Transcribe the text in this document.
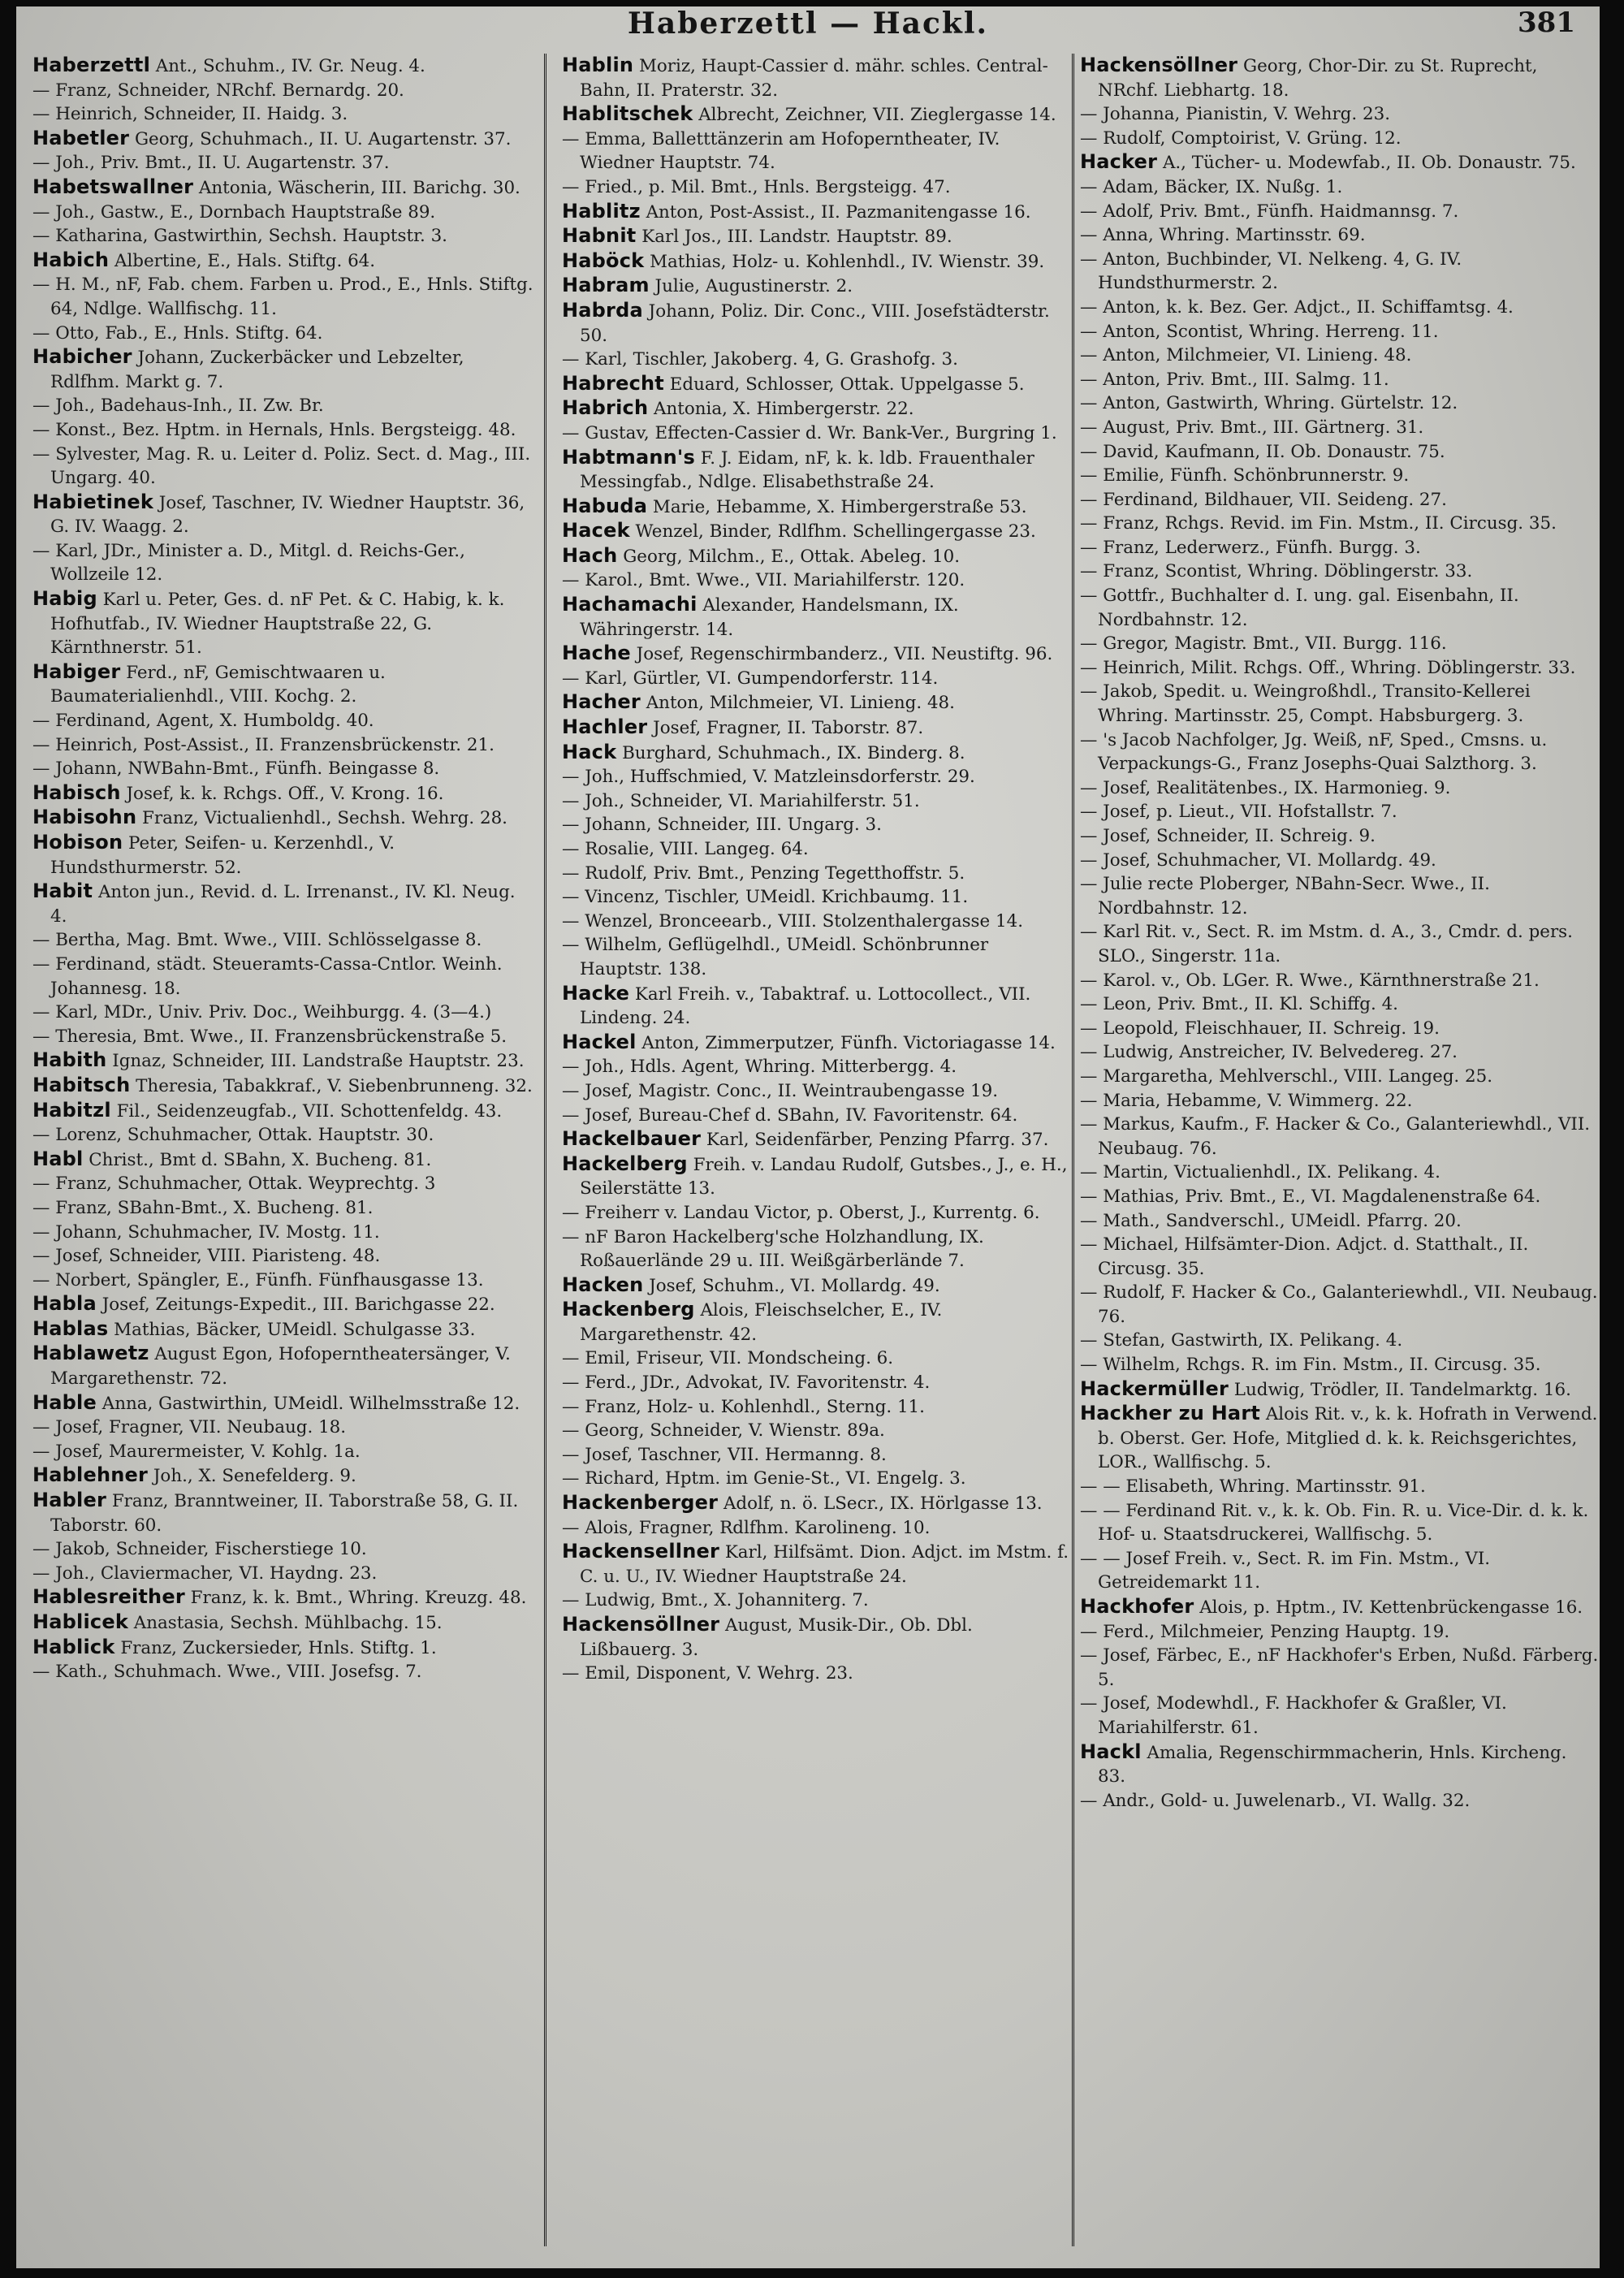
Haberzettl — Hackl.	381
Haberzettl Ant., Schuhm., IV. Gr. Neug. 4.
— Franz, Schneider, NRchf. Bernardg. 20.
— Heinrich, Schneider, II. Haidg. 3.
Habetler Georg, Schuhmach., II. U. Augartenstr. 37.
— Joh., Priv. Bmt., II. U. Augartenstr. 37.
Habetswallner Antonia, Wäscherin, III. Barichg. 30.
— Joh., Gastw., E., Dornbach Hauptstraße 89.
— Katharina, Gastwirthin, Sechsh. Hauptstr. 3.
Habich Albertine, E., Hals. Stiftg. 64.
— H. M., nF, Fab. chem. Farben u. Prod., E., Hnls. Stiftg. 64, Ndlge. Wallfischg. 11.
— Otto, Fab., E., Hnls. Stiftg. 64.
Habicher Johann, Zuckerbäcker und Lebzelter, Rdlfhm. Markt g. 7.
— Joh., Badehaus-Inh., II. Zw. Br.
— Konst., Bez. Hptm. in Hernals, Hnls. Bergsteigg. 48.
— Sylvester, Mag. R. u. Leiter d. Poliz. Sect. d. Mag., III. Ungarg. 40.
Habietinek Josef, Taschner, IV. Wiedner Hauptstr. 36, G. IV. Waagg. 2.
— Karl, JDr., Minister a. D., Mitgl. d. Reichs-Ger., Wollzeile 12.
Habig Karl u. Peter, Ges. d. nF Pet. & C. Habig, k. k. Hofhutfab., IV. Wiedner Hauptstraße 22, G. Kärnthnerstr. 51.
Habiger Ferd., nF, Gemischtwaaren u. Baumaterialienhdl., VIII. Kochg. 2.
— Ferdinand, Agent, X. Humboldg. 40.
— Heinrich, Post-Assist., II. Franzensbrückenstr. 21.
— Johann, NWBahn-Bmt., Fünfh. Beingasse 8.
Habisch Josef, k. k. Rchgs. Off., V. Krong. 16.
Habisohn Franz, Victualienhdl., Sechsh. Wehrg. 28.
Hobison Peter, Seifen- u. Kerzenhdl., V. Hundsthurmerstr. 52.
Habit Anton jun., Revid. d. L. Irrenanst., IV. Kl. Neug. 4.
— Bertha, Mag. Bmt. Wwe., VIII. Schlösselgasse 8.
— Ferdinand, städt. Steueramts-Cassa-Cntlor. Weinh. Johannesg. 18.
— Karl, MDr., Univ. Priv. Doc., Weihburgg. 4. (3—4.)
— Theresia, Bmt. Wwe., II. Franzensbrückenstraße 5.
Habith Ignaz, Schneider, III. Landstraße Hauptstr. 23.
Habitsch Theresia, Tabakkraf., V. Siebenbrunneng. 32.
Habitzl Fil., Seidenzeugfab., VII. Schottenfeldg. 43.
— Lorenz, Schuhmacher, Ottak. Hauptstr. 30.
Habl Christ., Bmt d. SBahn, X. Bucheng. 81.
— Franz, Schuhmacher, Ottak. Weyprechtg. 3
— Franz, SBahn-Bmt., X. Bucheng. 81.
— Johann, Schuhmacher, IV. Mostg. 11.
— Josef, Schneider, VIII. Piaristeng. 48.
— Norbert, Spängler, E., Fünfh. Fünfhausgasse 13.
Habla Josef, Zeitungs-Expedit., III. Barichgasse 22.
Hablas Mathias, Bäcker, UMeidl. Schulgasse 33.
Hablawetz August Egon, Hofopernthеatersänger, V. Margarethenstr. 72.
Hable Anna, Gastwirthin, UMeidl. Wilhelmsstraße 12.
— Josef, Fragner, VII. Neubaug. 18.
— Josef, Maurermeister, V. Kohlg. 1a.
Hablehner Joh., X. Senefelderg. 9.
Habler Franz, Branntweiner, II. Taborstraße 58, G. II. Taborstr. 60.
— Jakob, Schneider, Fischerstiege 10.
— Joh., Claviermacher, VI. Haydng. 23.
Hablesreither Franz, k. k. Bmt., Whring. Kreuzg. 48.
Hablicek Anastasia, Sechsh. Mühlbachg. 15.
Hablick Franz, Zuckersieder, Hnls. Stiftg. 1.
— Kath., Schuhmach. Wwe., VIII. Josefsg. 7.
Hablin Moriz, Haupt-Cassier d. mähr. schles. Central-Bahn, II. Praterstr. 32.
Hablitschek Albrecht, Zeichner, VII. Zieglergasse 14.
— Emma, Balletttänzerin am Hofoperntheater, IV. Wiedner Hauptstr. 74.
— Fried., p. Mil. Bmt., Hnls. Bergsteigg. 47.
Hablitz Anton, Post-Assist., II. Pazmanitengasse 16.
Habnit Karl Jos., III. Landstr. Hauptstr. 89.
Haböck Mathias, Holz- u. Kohlenhdl., IV. Wienstr. 39.
Habram Julie, Augustinerstr. 2.
Habrda Johann, Poliz. Dir. Conc., VIII. Josefstädterstr. 50.
— Karl, Tischler, Jakoberg. 4, G. Grashofg. 3.
Habrecht Eduard, Schlosser, Ottak. Uppelgasse 5.
Habrich Antonia, X. Himbergerstr. 22.
— Gustav, Effecten-Cassier d. Wr. Bank-Ver., Burgring 1.
Habtmann's F. J. Eidam, nF, k. k. ldb. Frauenthaler Messingfab., Ndlge. Elisabethstraße 24.
Habuda Marie, Hebamme, X. Himbergerstraße 53.
Hacek Wenzel, Binder, Rdlfhm. Schellingergasse 23.
Hach Georg, Milchm., E., Ottak. Abeleg. 10.
— Karol., Bmt. Wwe., VII. Mariahilferstr. 120.
Hachamachi Alexander, Handelsmann, IX. Währingerstr. 14.
Hache Josef, Regenschirmbanderz., VII. Neustiftg. 96.
— Karl, Gürtler, VI. Gumpendorferstr. 114.
Hacher Anton, Milchmeier, VI. Linieng. 48.
Hachler Josef, Fragner, II. Taborstr. 87.
Hack Burghard, Schuhmach., IX. Binderg. 8.
— Joh., Huffschmied, V. Matzleinsdorferstr. 29.
— Joh., Schneider, VI. Mariahilferstr. 51.
— Johann, Schneider, III. Ungarg. 3.
— Rosalie, VIII. Langeg. 64.
— Rudolf, Priv. Bmt., Penzing Tegetthoffstr. 5.
— Vincenz, Tischler, UMeidl. Krichbaumg. 11.
— Wenzel, Bronceearb., VIII. Stolzenthalergasse 14.
— Wilhelm, Geflügelhdl., UMeidl. Schönbrunner Hauptstr. 138.
Hacke Karl Freih. v., Tabaktraf. u. Lottocollect., VII. Lindeng. 24.
Hackel Anton, Zimmerputzer, Fünfh. Victoriagasse 14.
— Joh., Hdls. Agent, Whring. Mitterbergg. 4.
— Josef, Magistr. Conc., II. Weintraubengasse 19.
— Josef, Bureau-Chef d. SBahn, IV. Favoritenstr. 64.
Hackelbauer Karl, Seidenfärber, Penzing Pfarrg. 37.
Hackelberg Freih. v. Landau Rudolf, Gutsbes., J., e. H., Seilerstätte 13.
— Freiherr v. Landau Victor, p. Oberst, J., Kurrentg. 6.
— nF Baron Hackelberg'sche Holzhandlung, IX. Roßauerlände 29 u. III. Weißgärberlände 7.
Hacken Josef, Schuhm., VI. Mollardg. 49.
Hackenberg Alois, Fleischselcher, E., IV. Margarethenstr. 42.
— Emil, Friseur, VII. Mondscheing. 6.
— Ferd., JDr., Advokat, IV. Favoritenstr. 4.
— Franz, Holz- u. Kohlenhdl., Sterng. 11.
— Georg, Schneider, V. Wienstr. 89a.
— Josef, Taschner, VII. Hermanng. 8.
— Richard, Hptm. im Genie-St., VI. Engelg. 3.
Hackenberger Adolf, n. ö. LSecr., IX. Hörlgasse 13.
— Alois, Fragner, Rdlfhm. Karolineng. 10.
Hackensellner Karl, Hilfsämt. Dion. Adjct. im Mstm. f. C. u. U., IV. Wiedner Hauptstraße 24.
— Ludwig, Bmt., X. Johanniterg. 7.
Hackensöllner August, Musik-Dir., Ob. Dbl. Lißbauerg. 3.
— Emil, Disponent, V. Wehrg. 23.
Hackensöllner Georg, Chor-Dir. zu St. Ruprecht, NRchf. Liebhartg. 18.
— Johanna, Pianistin, V. Wehrg. 23.
— Rudolf, Comptoirist, V. Grüng. 12.
Hacker A., Tücher- u. Modewfab., II. Ob. Donaustr. 75.
— Adam, Bäcker, IX. Nußg. 1.
— Adolf, Priv. Bmt., Fünfh. Haidmannsg. 7.
— Anna, Whring. Martinsstr. 69.
— Anton, Buchbinder, VI. Nelkeng. 4, G. IV. Hundsthurmerstr. 2.
— Anton, k. k. Bez. Ger. Adjct., II. Schiffamtsg. 4.
— Anton, Scontist, Whring. Herreng. 11.
— Anton, Milchmeier, VI. Linieng. 48.
— Anton, Priv. Bmt., III. Salmg. 11.
— Anton, Gastwirth, Whring. Gürtelstr. 12.
— August, Priv. Bmt., III. Gärtnerg. 31.
— David, Kaufmann, II. Ob. Donaustr. 75.
— Emilie, Fünfh. Schönbrunnerstr. 9.
— Ferdinand, Bildhauer, VII. Seideng. 27.
— Franz, Rchgs. Revid. im Fin. Mstm., II. Circusg. 35.
— Franz, Lederwerz., Fünfh. Burgg. 3.
— Franz, Scontist, Whring. Döblingerstr. 33.
— Gottfr., Buchhalter d. I. ung. gal. Eisenbahn, II. Nordbahnstr. 12.
— Gregor, Magistr. Bmt., VII. Burgg. 116.
— Heinrich, Milit. Rchgs. Off., Whring. Döblingerstr. 33.
— Jakob, Spedit. u. Weingroßhdl., Transito-Kellerei Whring. Martinsstr. 25, Compt. Habsburgerg. 3.
— 's Jacob Nachfolger, Jg. Weiß, nF, Sped., Cmsns. u. Verpackungs-G., Franz Josephs-Quai Salzthorg. 3.
— Josef, Realitätenbes., IX. Harmonieg. 9.
— Josef, p. Lieut., VII. Hofstallstr. 7.
— Josef, Schneider, II. Schreig. 9.
— Josef, Schuhmacher, VI. Mollardg. 49.
— Julie recte Ploberger, NBahn-Secr. Wwe., II. Nordbahnstr. 12.
— Karl Rit. v., Sect. R. im Mstm. d. A., 3., Cmdr. d. pers. SLO., Singerstr. 11a.
— Karol. v., Ob. LGer. R. Wwe., Kärnthnerstraße 21.
— Leon, Priv. Bmt., II. Kl. Schiffg. 4.
— Leopold, Fleischhauer, II. Schreig. 19.
— Ludwig, Anstreicher, IV. Belvedereg. 27.
— Margaretha, Mehlverschl., VIII. Langeg. 25.
— Maria, Hebamme, V. Wimmerg. 22.
— Markus, Kaufm., F. Hacker & Co., Galanteriewhdl., VII. Neubaug. 76.
— Martin, Victualienhdl., IX. Pelikang. 4.
— Mathias, Priv. Bmt., E., VI. Magdalenenstraße 64.
— Math., Sandverschl., UMeidl. Pfarrg. 20.
— Michael, Hilfsämter-Dion. Adjct. d. Statthalt., II. Circusg. 35.
— Rudolf, F. Hacker & Co., Galanteriewhdl., VII. Neubaug. 76.
— Stefan, Gastwirth, IX. Pelikang. 4.
— Wilhelm, Rchgs. R. im Fin. Mstm., II. Circusg. 35.
Hackermüller Ludwig, Trödler, II. Tandelmarktg. 16.
Hackher zu Hart Alois Rit. v., k. k. Hofrath in Verwend. b. Oberst. Ger. Hofe, Mitglied d. k. k. Reichsgerichtes, LOR., Wallfischg. 5.
— — Elisabeth, Whring. Martinsstr. 91.
— — Ferdinand Rit. v., k. k. Ob. Fin. R. u. Vice-Dir. d. k. k. Hof- u. Staatsdruckerei, Wallfischg. 5.
— — Josef Freih. v., Sect. R. im Fin. Mstm., VI. Getreidemarkt 11.
Hackhofer Alois, p. Hptm., IV. Kettenbrückengasse 16.
— Ferd., Milchmeier, Penzing Hauptg. 19.
— Josef, Färbec, E., nF Hackhofer's Erben, Nußd. Färberg. 5.
— Josef, Modewhdl., F. Hackhofer & Graßler, VI. Mariahilferstr. 61.
Hackl Amalia, Regenschirmmacherin, Hnls. Kircheng. 83.
— Andr., Gold- u. Juwelenarb., VI. Wallg. 32.
